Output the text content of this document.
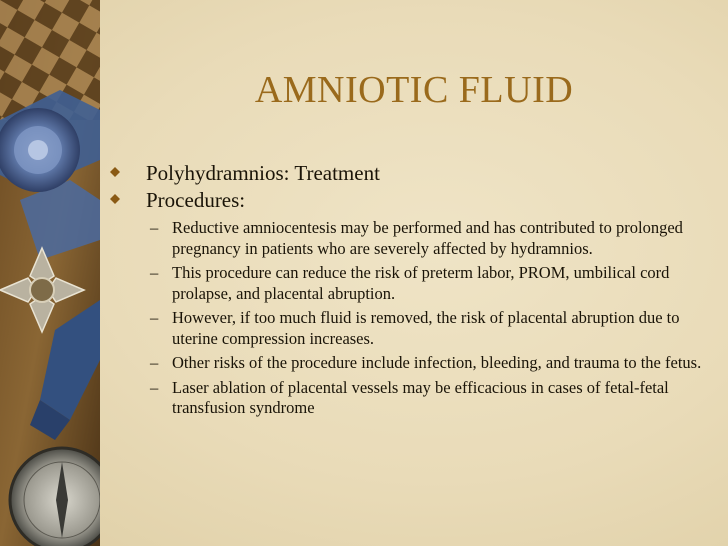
AMNIOTIC FLUID

Polyhydramnios: Treatment

Procedures:

– Reductive amniocentesis may be performed and has contributed to prolonged pregnancy in patients who are severely affected by hydramnios.
– This procedure can reduce the risk of preterm labor, PROM, umbilical cord prolapse, and placental abruption.
– However, if too much fluid is removed, the risk of placental abruption due to uterine compression increases.
– Other risks of the procedure include infection, bleeding, and trauma to the fetus.
– Laser ablation of placental vessels may be efficacious in cases of fetal-fetal transfusion syndrome
